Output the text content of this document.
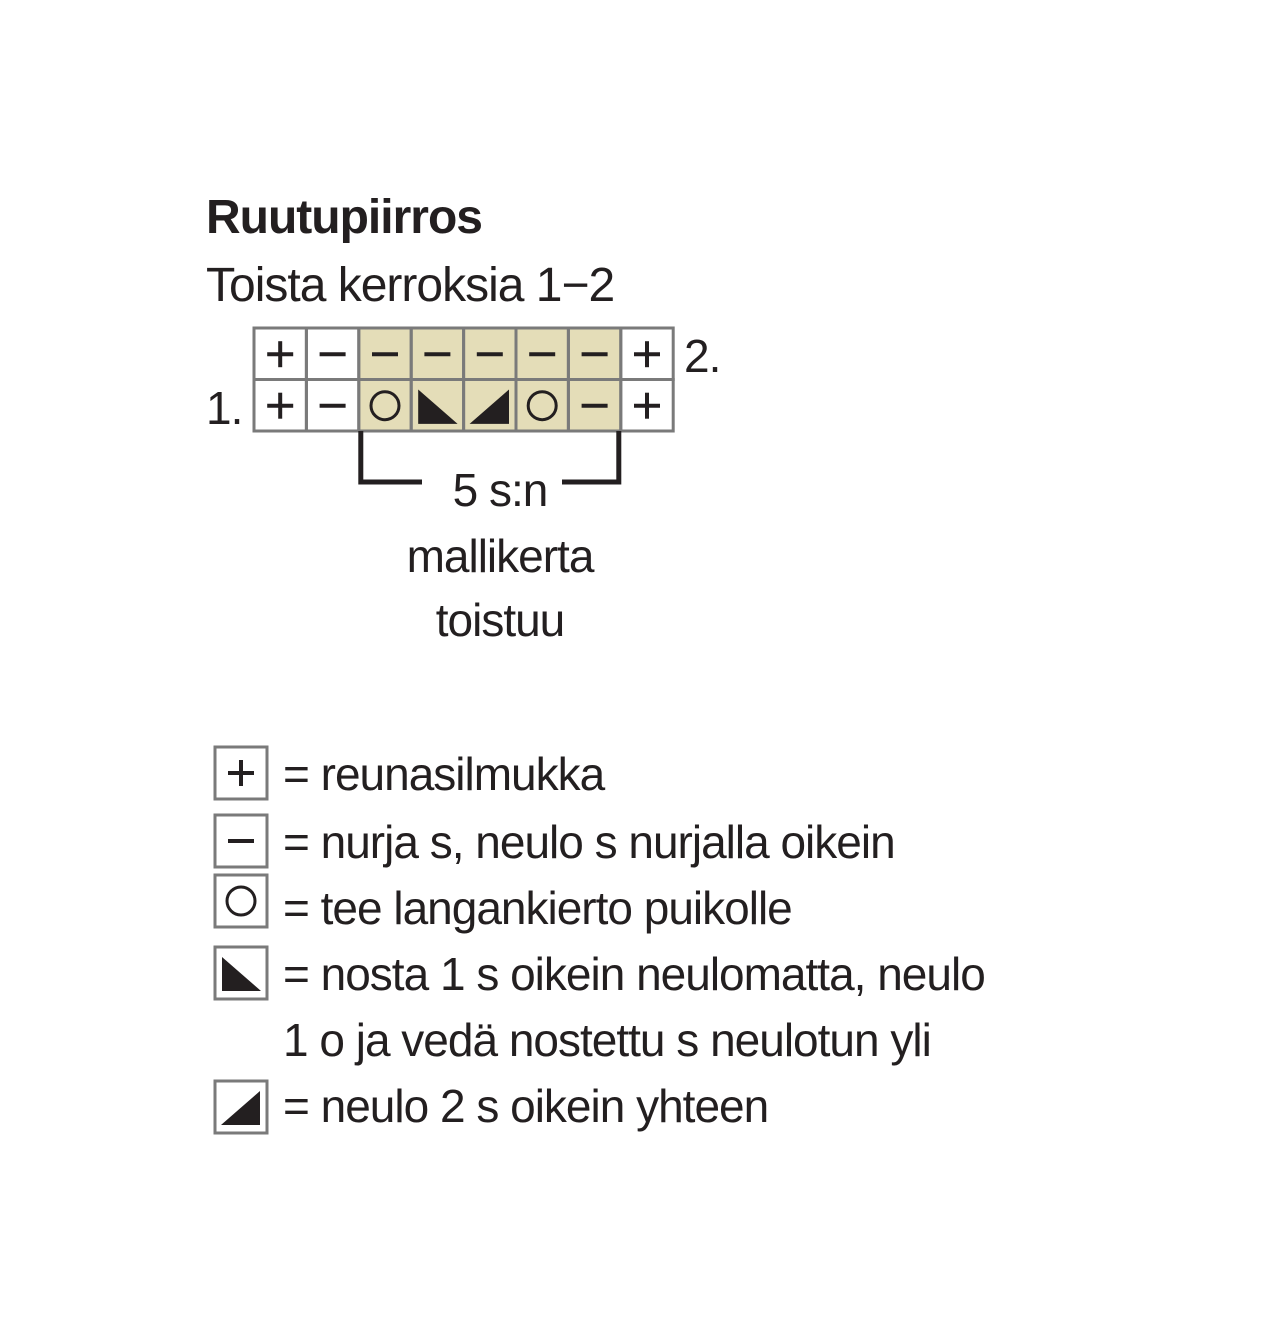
Ruutupiirros
Toista kerroksia 1−2
1.
2.
5 s:n
mallikerta
toistuu
= reunasilmukka
= nurja s, neulo s nurjalla oikein
= tee langankierto puikolle
= nosta 1 s oikein neulomatta, neulo
1 o ja vedä nostettu s neulotun yli
= neulo 2 s oikein yhteen
